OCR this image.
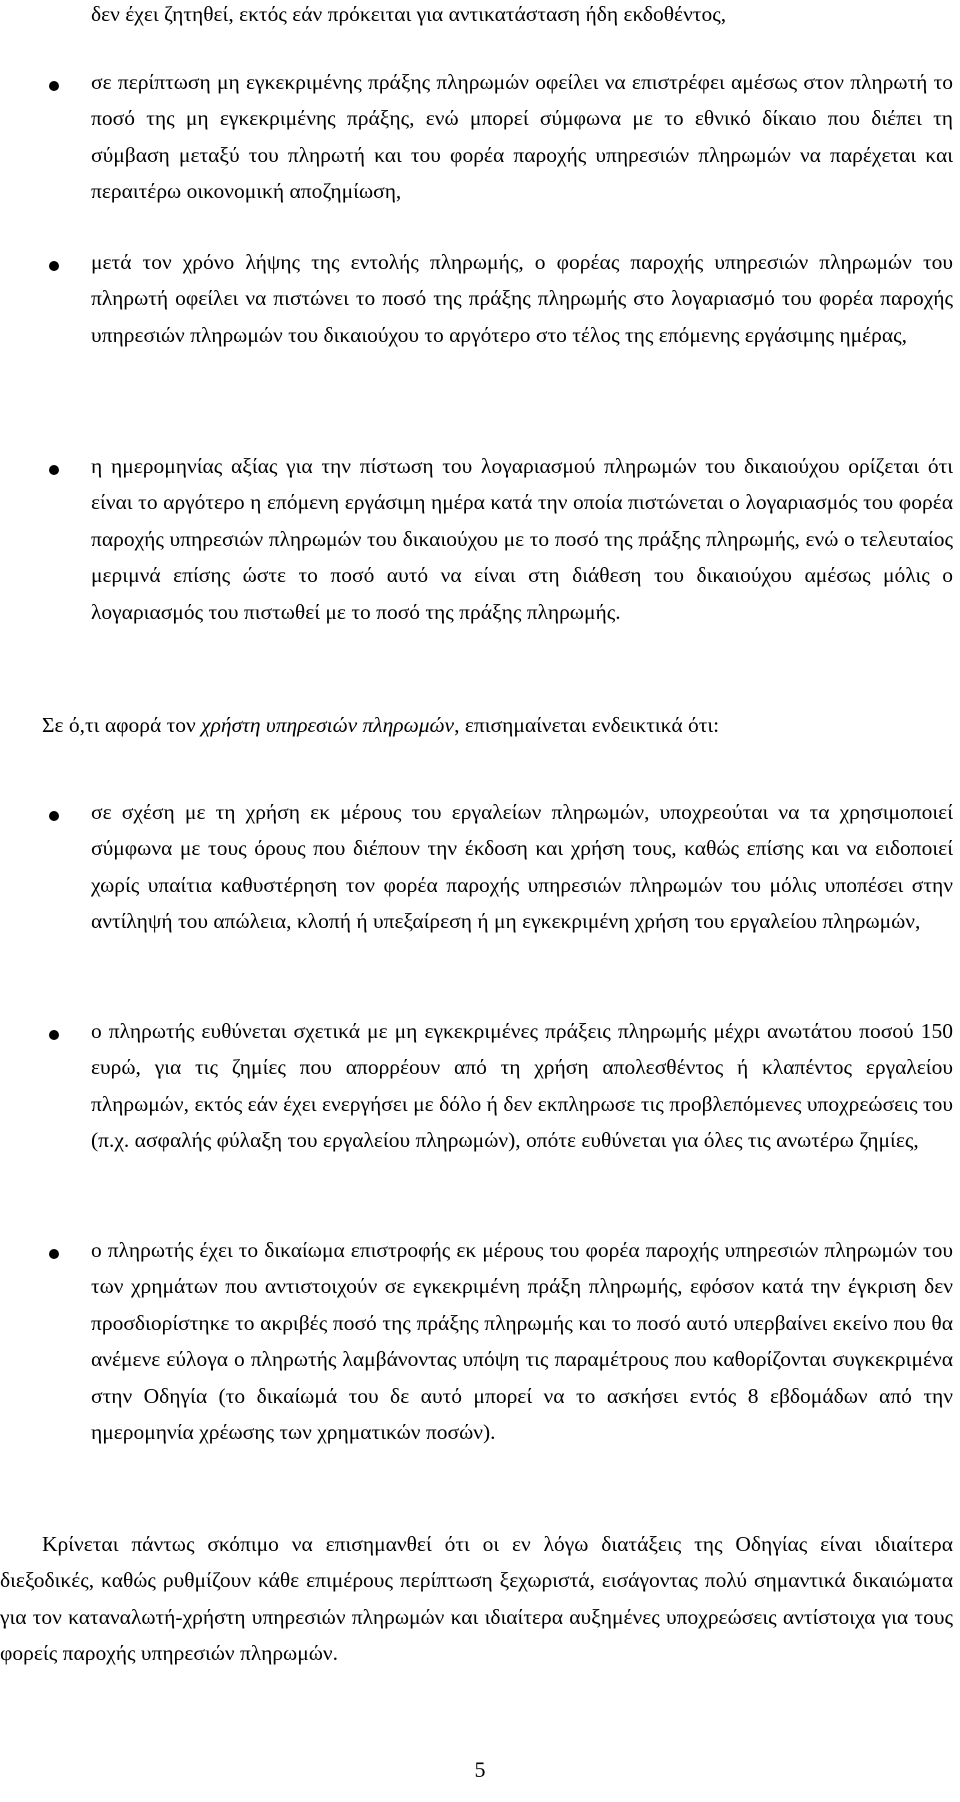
δεν έχει ζητηθεί, εκτός εάν πρόκειται για αντικατάσταση ήδη εκδοθέντος,

σε περίπτωση μη εγκεκριμένης πράξης πληρωμών οφείλει να επιστρέφει αμέσως στον πληρωτή το ποσό της μη εγκεκριμένης πράξης, ενώ μπορεί σύμφωνα με το εθνικό δίκαιο που διέπει τη σύμβαση μεταξύ του πληρωτή και του φορέα παροχής υπηρεσιών πληρωμών να παρέχεται και περαιτέρω οικονομική αποζημίωση,

μετά τον χρόνο λήψης της εντολής πληρωμής, ο φορέας παροχής υπηρεσιών πληρωμών του πληρωτή οφείλει να πιστώνει το ποσό της πράξης πληρωμής στο λογαριασμό του φορέα παροχής υπηρεσιών πληρωμών του δικαιούχου το αργότερο στο τέλος της επόμενης εργάσιμης ημέρας,

η ημερομηνίας αξίας για την πίστωση του λογαριασμού πληρωμών του δικαιούχου ορίζεται ότι είναι το αργότερο η επόμενη εργάσιμη ημέρα κατά την οποία πιστώνεται ο λογαριασμός του φορέα παροχής υπηρεσιών πληρωμών του δικαιούχου με το ποσό της πράξης πληρωμής, ενώ ο τελευταίος μεριμνά επίσης ώστε το ποσό αυτό να είναι στη διάθεση του δικαιούχου αμέσως μόλις ο λογαριασμός του πιστωθεί με το ποσό της πράξης πληρωμής.

Σε ό,τι αφορά τον χρήστη υπηρεσιών πληρωμών, επισημαίνεται ενδεικτικά ότι:

σε σχέση με τη χρήση εκ μέρους του εργαλείων πληρωμών, υποχρεούται να τα χρησιμοποιεί σύμφωνα με τους όρους που διέπουν την έκδοση και χρήση τους, καθώς επίσης και να ειδοποιεί χωρίς υπαίτια καθυστέρηση τον φορέα παροχής υπηρεσιών πληρωμών του μόλις υποπέσει στην αντίληψή του απώλεια, κλοπή ή υπεξαίρεση ή μη εγκεκριμένη χρήση του εργαλείου πληρωμών,

ο πληρωτής ευθύνεται σχετικά με μη εγκεκριμένες πράξεις πληρωμής μέχρι ανωτάτου ποσού 150 ευρώ, για τις ζημίες που απορρέουν από τη χρήση απολεσθέντος ή κλαπέντος εργαλείου πληρωμών, εκτός εάν έχει ενεργήσει με δόλο ή δεν εκπληρωσε τις προβλεπόμενες υποχρεώσεις του (π.χ. ασφαλής φύλαξη του εργαλείου πληρωμών), οπότε ευθύνεται για όλες τις ανωτέρω ζημίες,

ο πληρωτής έχει το δικαίωμα επιστροφής εκ μέρους του φορέα παροχής υπηρεσιών πληρωμών του των χρημάτων που αντιστοιχούν σε εγκεκριμένη πράξη πληρωμής, εφόσον κατά την έγκριση δεν προσδιορίστηκε το ακριβές ποσό της πράξης πληρωμής και το ποσό αυτό υπερβαίνει εκείνο που θα ανέμενε εύλογα ο πληρωτής λαμβάνοντας υπόψη τις παραμέτρους που καθορίζονται συγκεκριμένα στην Οδηγία (το δικαίωμά του δε αυτό μπορεί να το ασκήσει εντός 8 εβδομάδων από την ημερομηνία χρέωσης των χρηματικών ποσών).

Κρίνεται πάντως σκόπιμο να επισημανθεί ότι οι εν λόγω διατάξεις της Οδηγίας είναι ιδιαίτερα διεξοδικές, καθώς ρυθμίζουν κάθε επιμέρους περίπτωση ξεχωριστά, εισάγοντας πολύ σημαντικά δικαιώματα για τον καταναλωτή-χρήστη υπηρεσιών πληρωμών και ιδιαίτερα αυξημένες υποχρεώσεις αντίστοιχα για τους φορείς παροχής υπηρεσιών πληρωμών.

5
